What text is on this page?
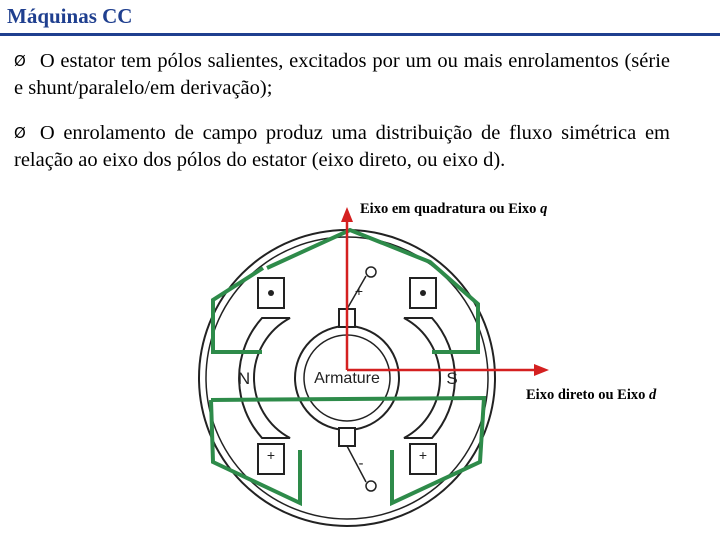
Máquinas CC
Ø O estator tem pólos salientes, excitados por um ou mais enrolamentos (série e shunt/paralelo/em derivação);
Ø O enrolamento de campo produz uma distribuição de fluxo simétrica em relação ao eixo dos pólos do estator (eixo direto, ou eixo d).
N	S
Armature
+
-
+	+
Eixo em quadratura ou Eixo q
Eixo direto ou Eixo d
